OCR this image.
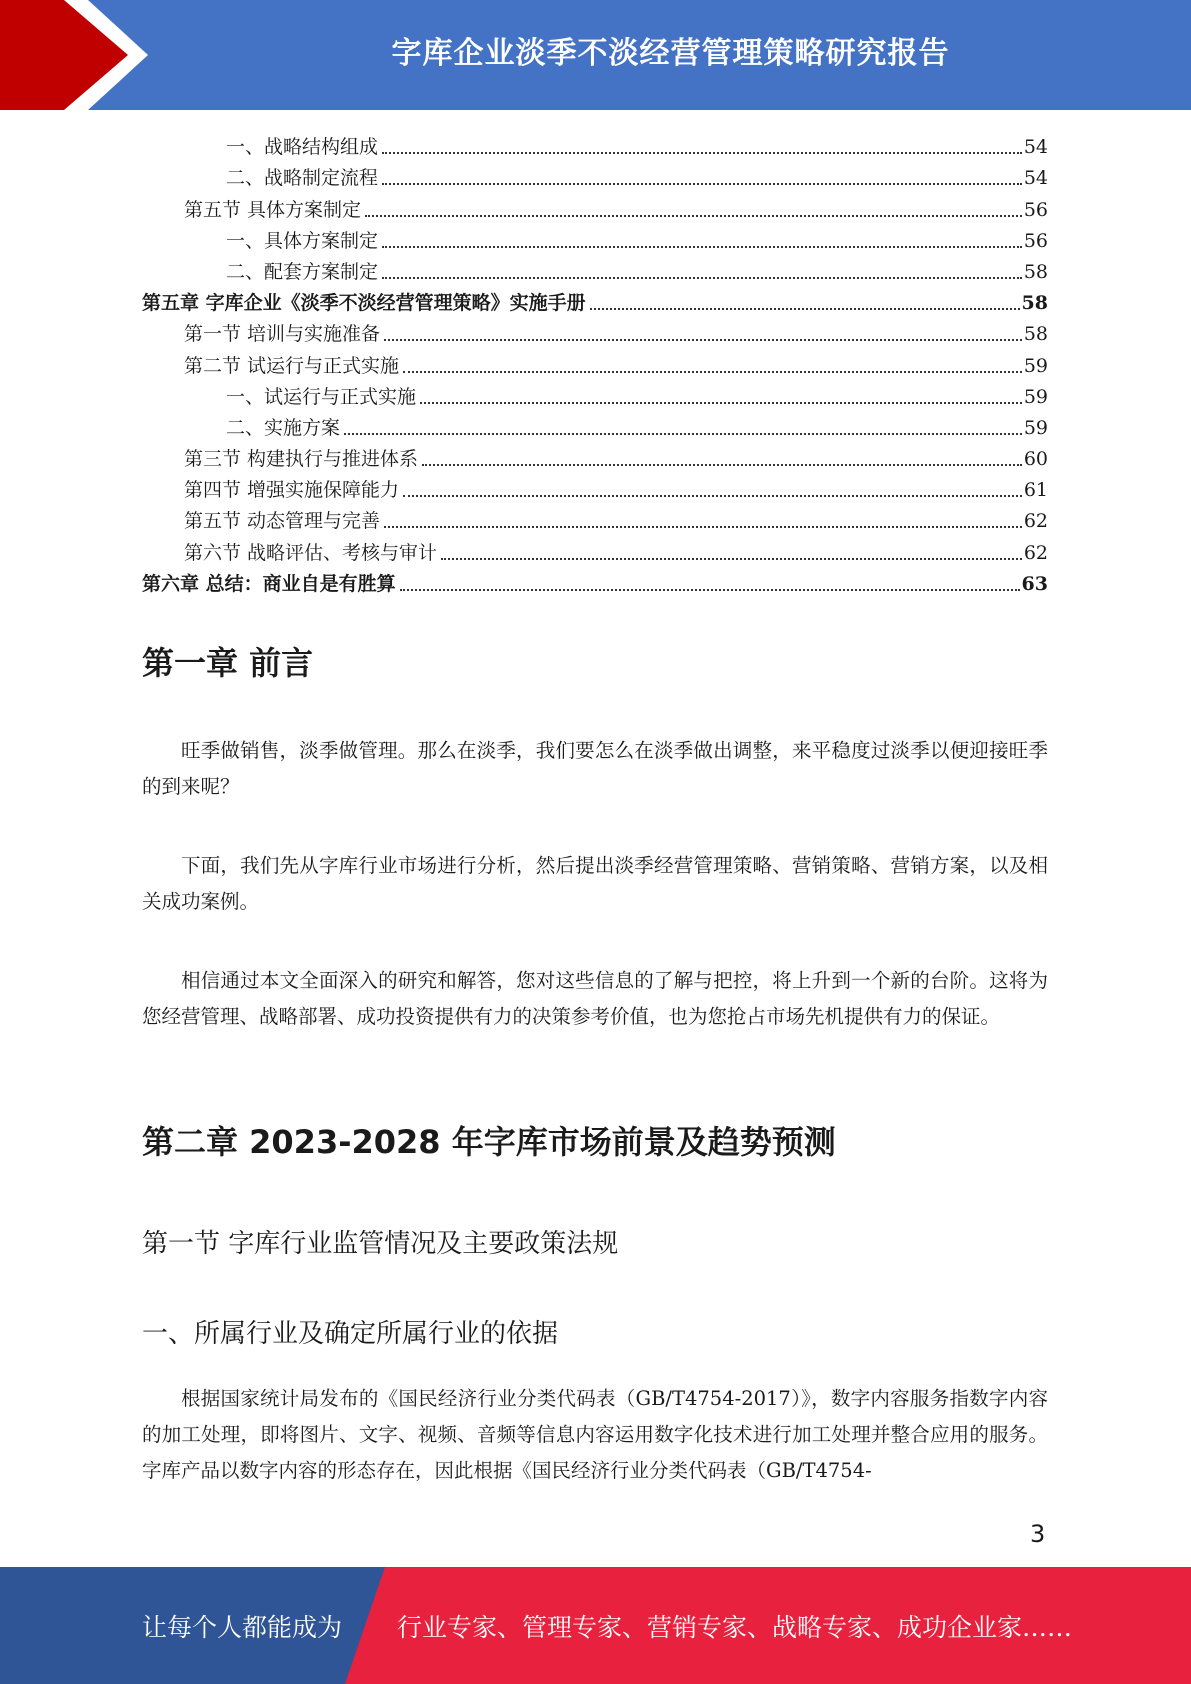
字库企业淡季不淡经营管理策略研究报告
一、战略结构组成	54
二、战略制定流程	54
第五节 具体方案制定	56
一、具体方案制定	56
二、配套方案制定	58
第五章 字库企业《淡季不淡经营管理策略》实施手册	58
第一节 培训与实施准备	58
第二节 试运行与正式实施	59
一、试运行与正式实施	59
二、实施方案	59
第三节 构建执行与推进体系	60
第四节 增强实施保障能力	61
第五节 动态管理与完善	62
第六节 战略评估、考核与审计	62
第六章 总结：商业自是有胜算	63
第一章 前言
旺季做销售，淡季做管理。那么在淡季，我们要怎么在淡季做出调整，来平稳度过淡季以便迎接旺季的到来呢？
下面，我们先从字库行业市场进行分析，然后提出淡季经营管理策略、营销策略、营销方案，以及相关成功案例。
相信通过本文全面深入的研究和解答，您对这些信息的了解与把控，将上升到一个新的台阶。这将为您经营管理、战略部署、成功投资提供有力的决策参考价值，也为您抢占市场先机提供有力的保证。
第二章 2023-2028 年字库市场前景及趋势预测
第一节 字库行业监管情况及主要政策法规
一、所属行业及确定所属行业的依据
根据国家统计局发布的《国民经济行业分类代码表（GB/T4754-2017）》，数字内容服务指数字内容的加工处理，即将图片、文字、视频、音频等信息内容运用数字化技术进行加工处理并整合应用的服务。字库产品以数字内容的形态存在，因此根据《国民经济行业分类代码表（GB/T4754-
3
让每个人都能成为 行业专家、管理专家、营销专家、战略专家、成功企业家……
